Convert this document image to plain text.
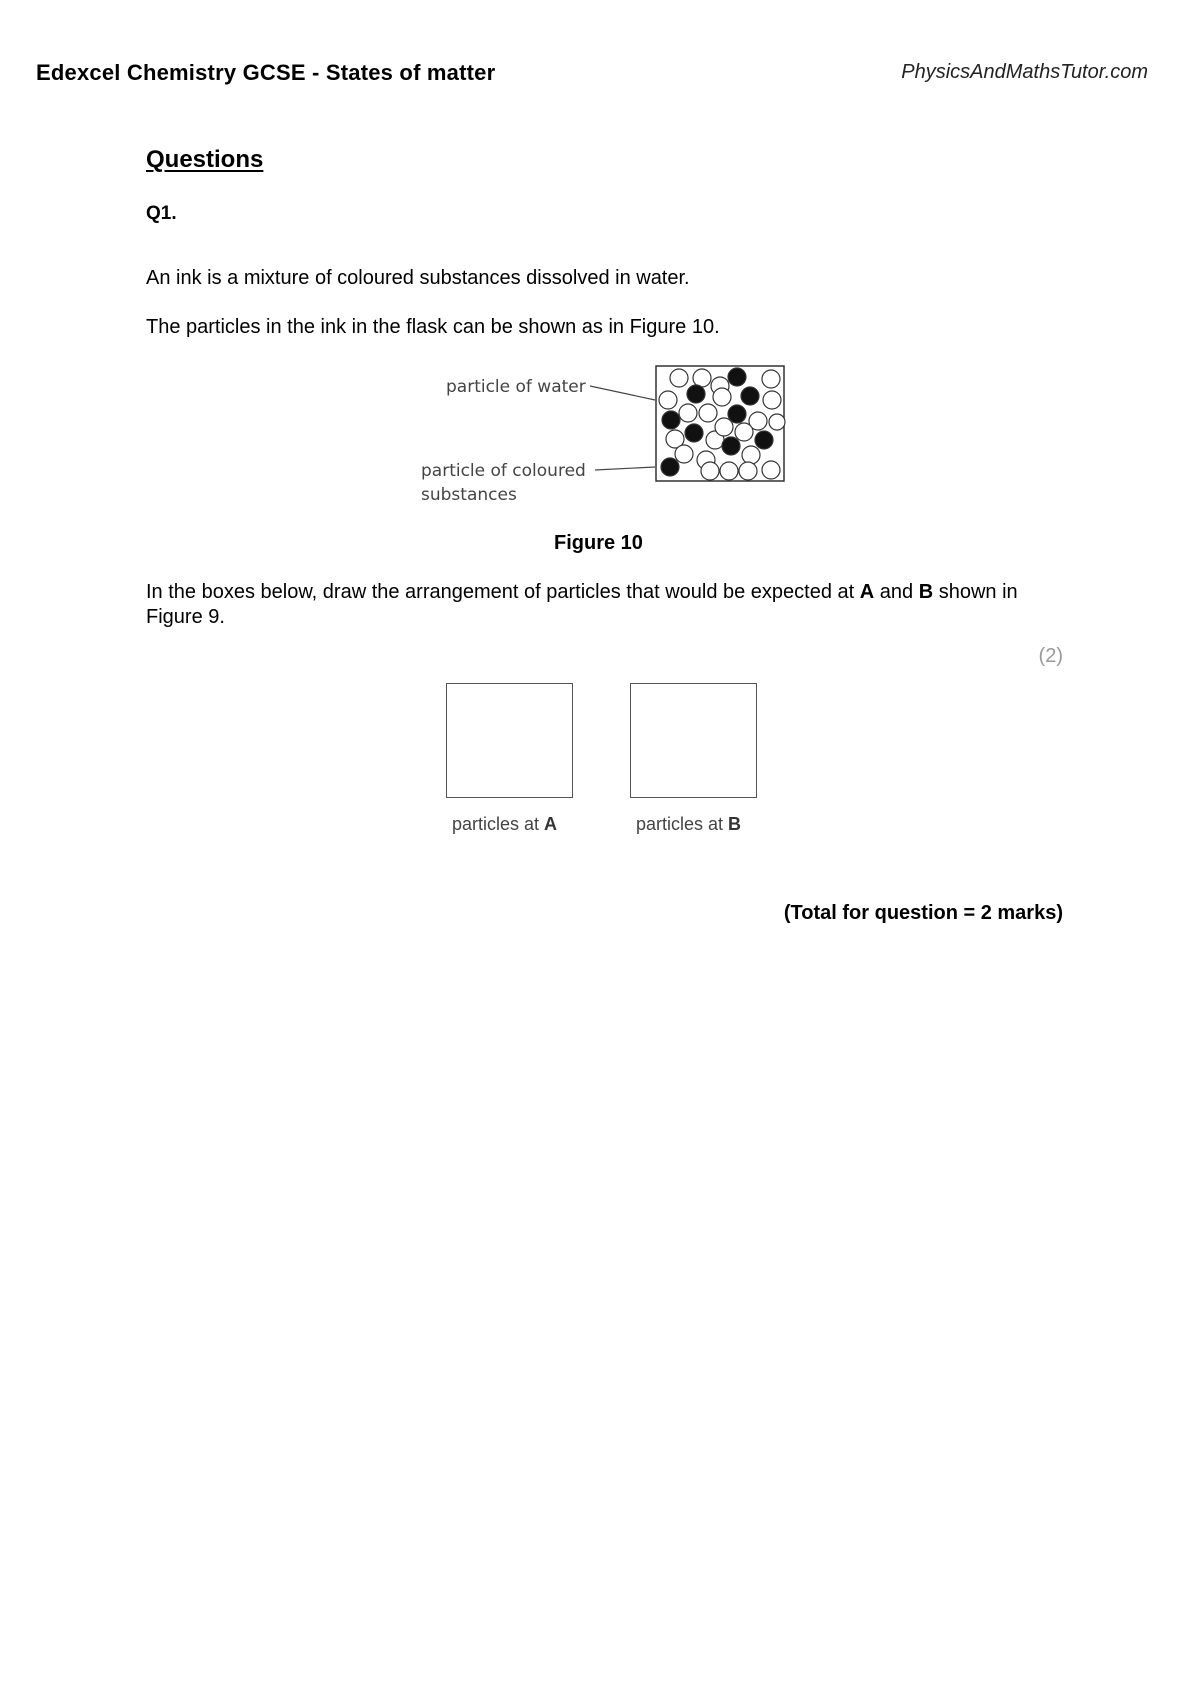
Edexcel Chemistry GCSE - States of matter	PhysicsAndMathsTutor.com
Questions
Q1.
An ink is a mixture of coloured substances dissolved in water.
The particles in the ink in the flask can be shown as in Figure 10.
particle of water
particle of coloured
substances
Figure 10
In the boxes below, draw the arrangement of particles that would be expected at A and B shown in Figure 9.
(2)
particles at A	particles at B
(Total for question = 2 marks)
